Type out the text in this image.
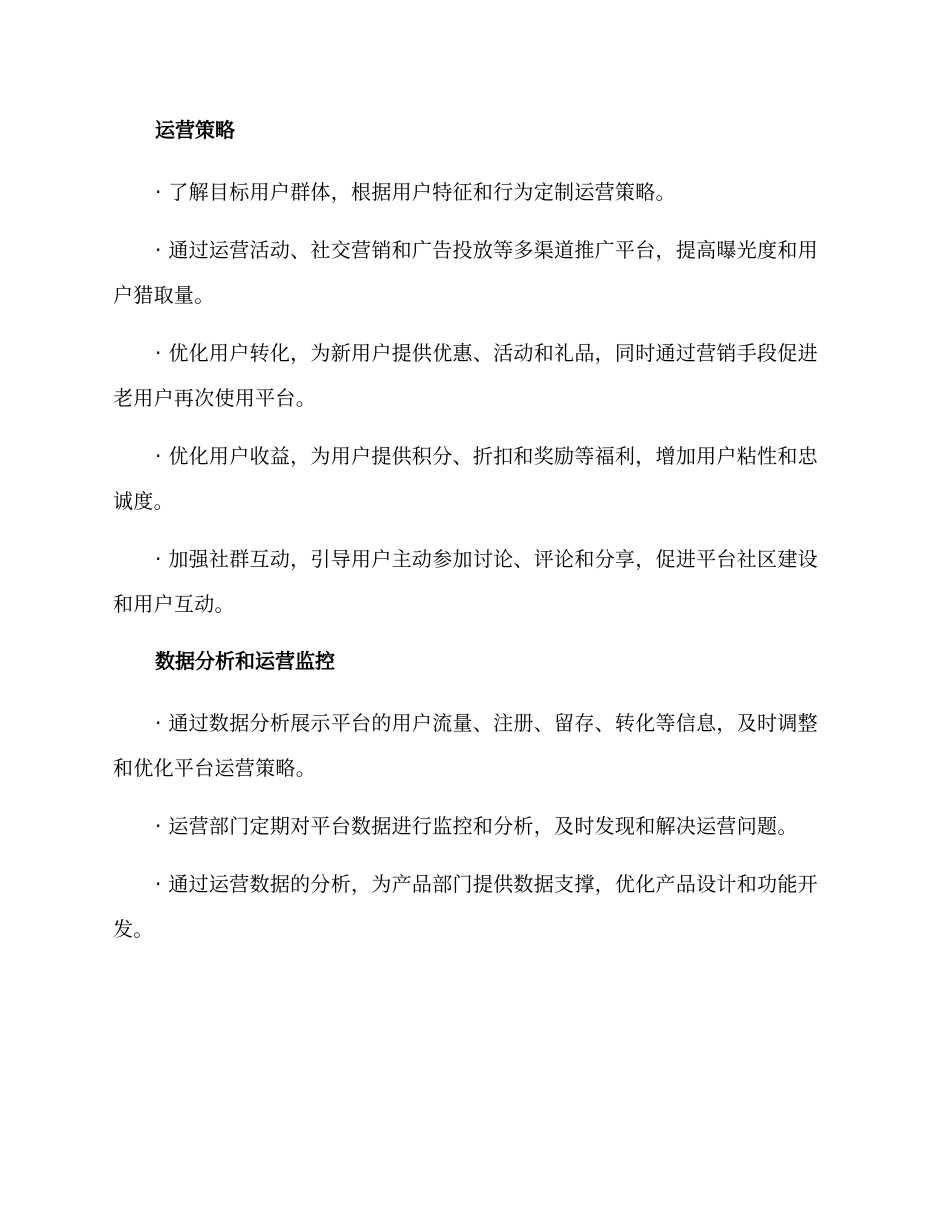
运营策略
· 了解目标用户群体，根据用户特征和行为定制运营策略。
· 通过运营活动、社交营销和广告投放等多渠道推广平台，提高曝光度和用户猎取量。
· 优化用户转化，为新用户提供优惠、活动和礼品，同时通过营销手段促进老用户再次使用平台。
· 优化用户收益，为用户提供积分、折扣和奖励等福利，增加用户粘性和忠诚度。
· 加强社群互动，引导用户主动参加讨论、评论和分享，促进平台社区建设和用户互动。
数据分析和运营监控
· 通过数据分析展示平台的用户流量、注册、留存、转化等信息，及时调整和优化平台运营策略。
· 运营部门定期对平台数据进行监控和分析，及时发现和解决运营问题。
· 通过运营数据的分析，为产品部门提供数据支撑，优化产品设计和功能开发。
